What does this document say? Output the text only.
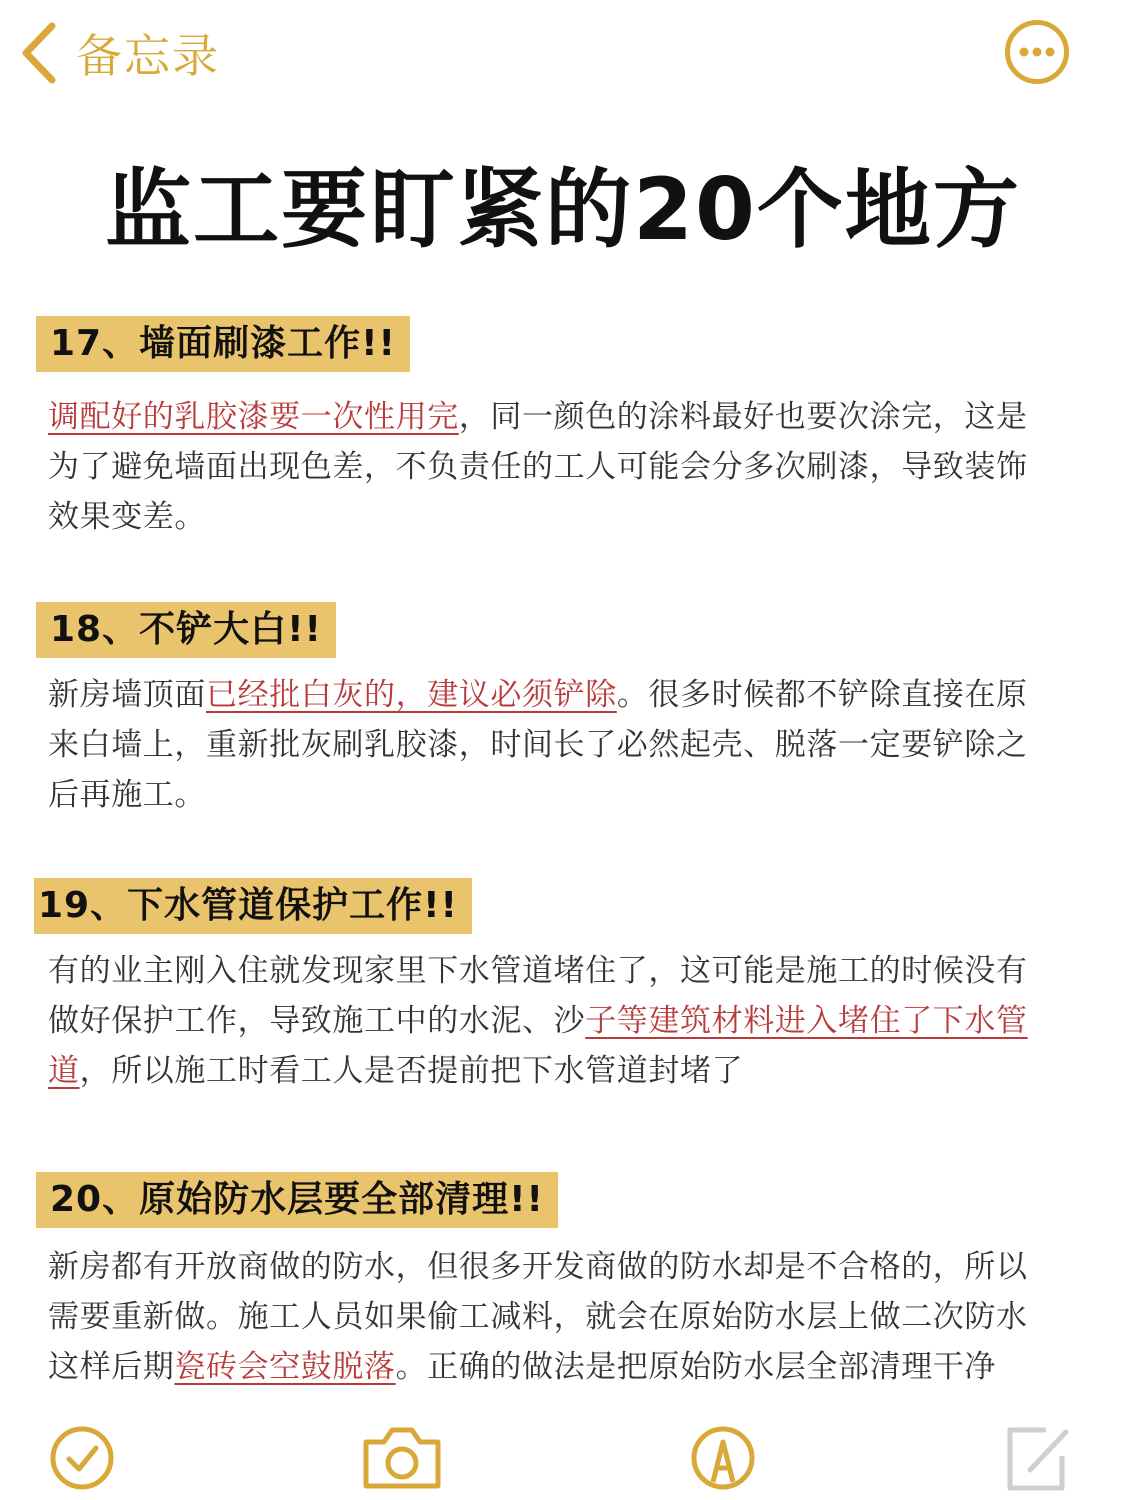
备忘录
监工要盯紧的20个地方
17、墙面刷漆工作!!
调配好的乳胶漆要一次性用完，同一颜色的涂料最好也要次涂完，这是为了避免墙面出现色差，不负责任的工人可能会分多次刷漆，导致装饰效果变差。
18、不铲大白!!
新房墙顶面已经批白灰的，建议必须铲除。很多时候都不铲除直接在原来白墙上，重新批灰刷乳胶漆，时间长了必然起壳、脱落一定要铲除之后再施工。
19、下水管道保护工作!!
有的业主刚入住就发现家里下水管道堵住了，这可能是施工的时候没有做好保护工作，导致施工中的水泥、沙子等建筑材料进入堵住了下水管道，所以施工时看工人是否提前把下水管道封堵了
20、原始防水层要全部清理!!
新房都有开放商做的防水，但很多开发商做的防水却是不合格的，所以需要重新做。施工人员如果偷工减料，就会在原始防水层上做二次防水这样后期瓷砖会空鼓脱落。正确的做法是把原始防水层全部清理干净
